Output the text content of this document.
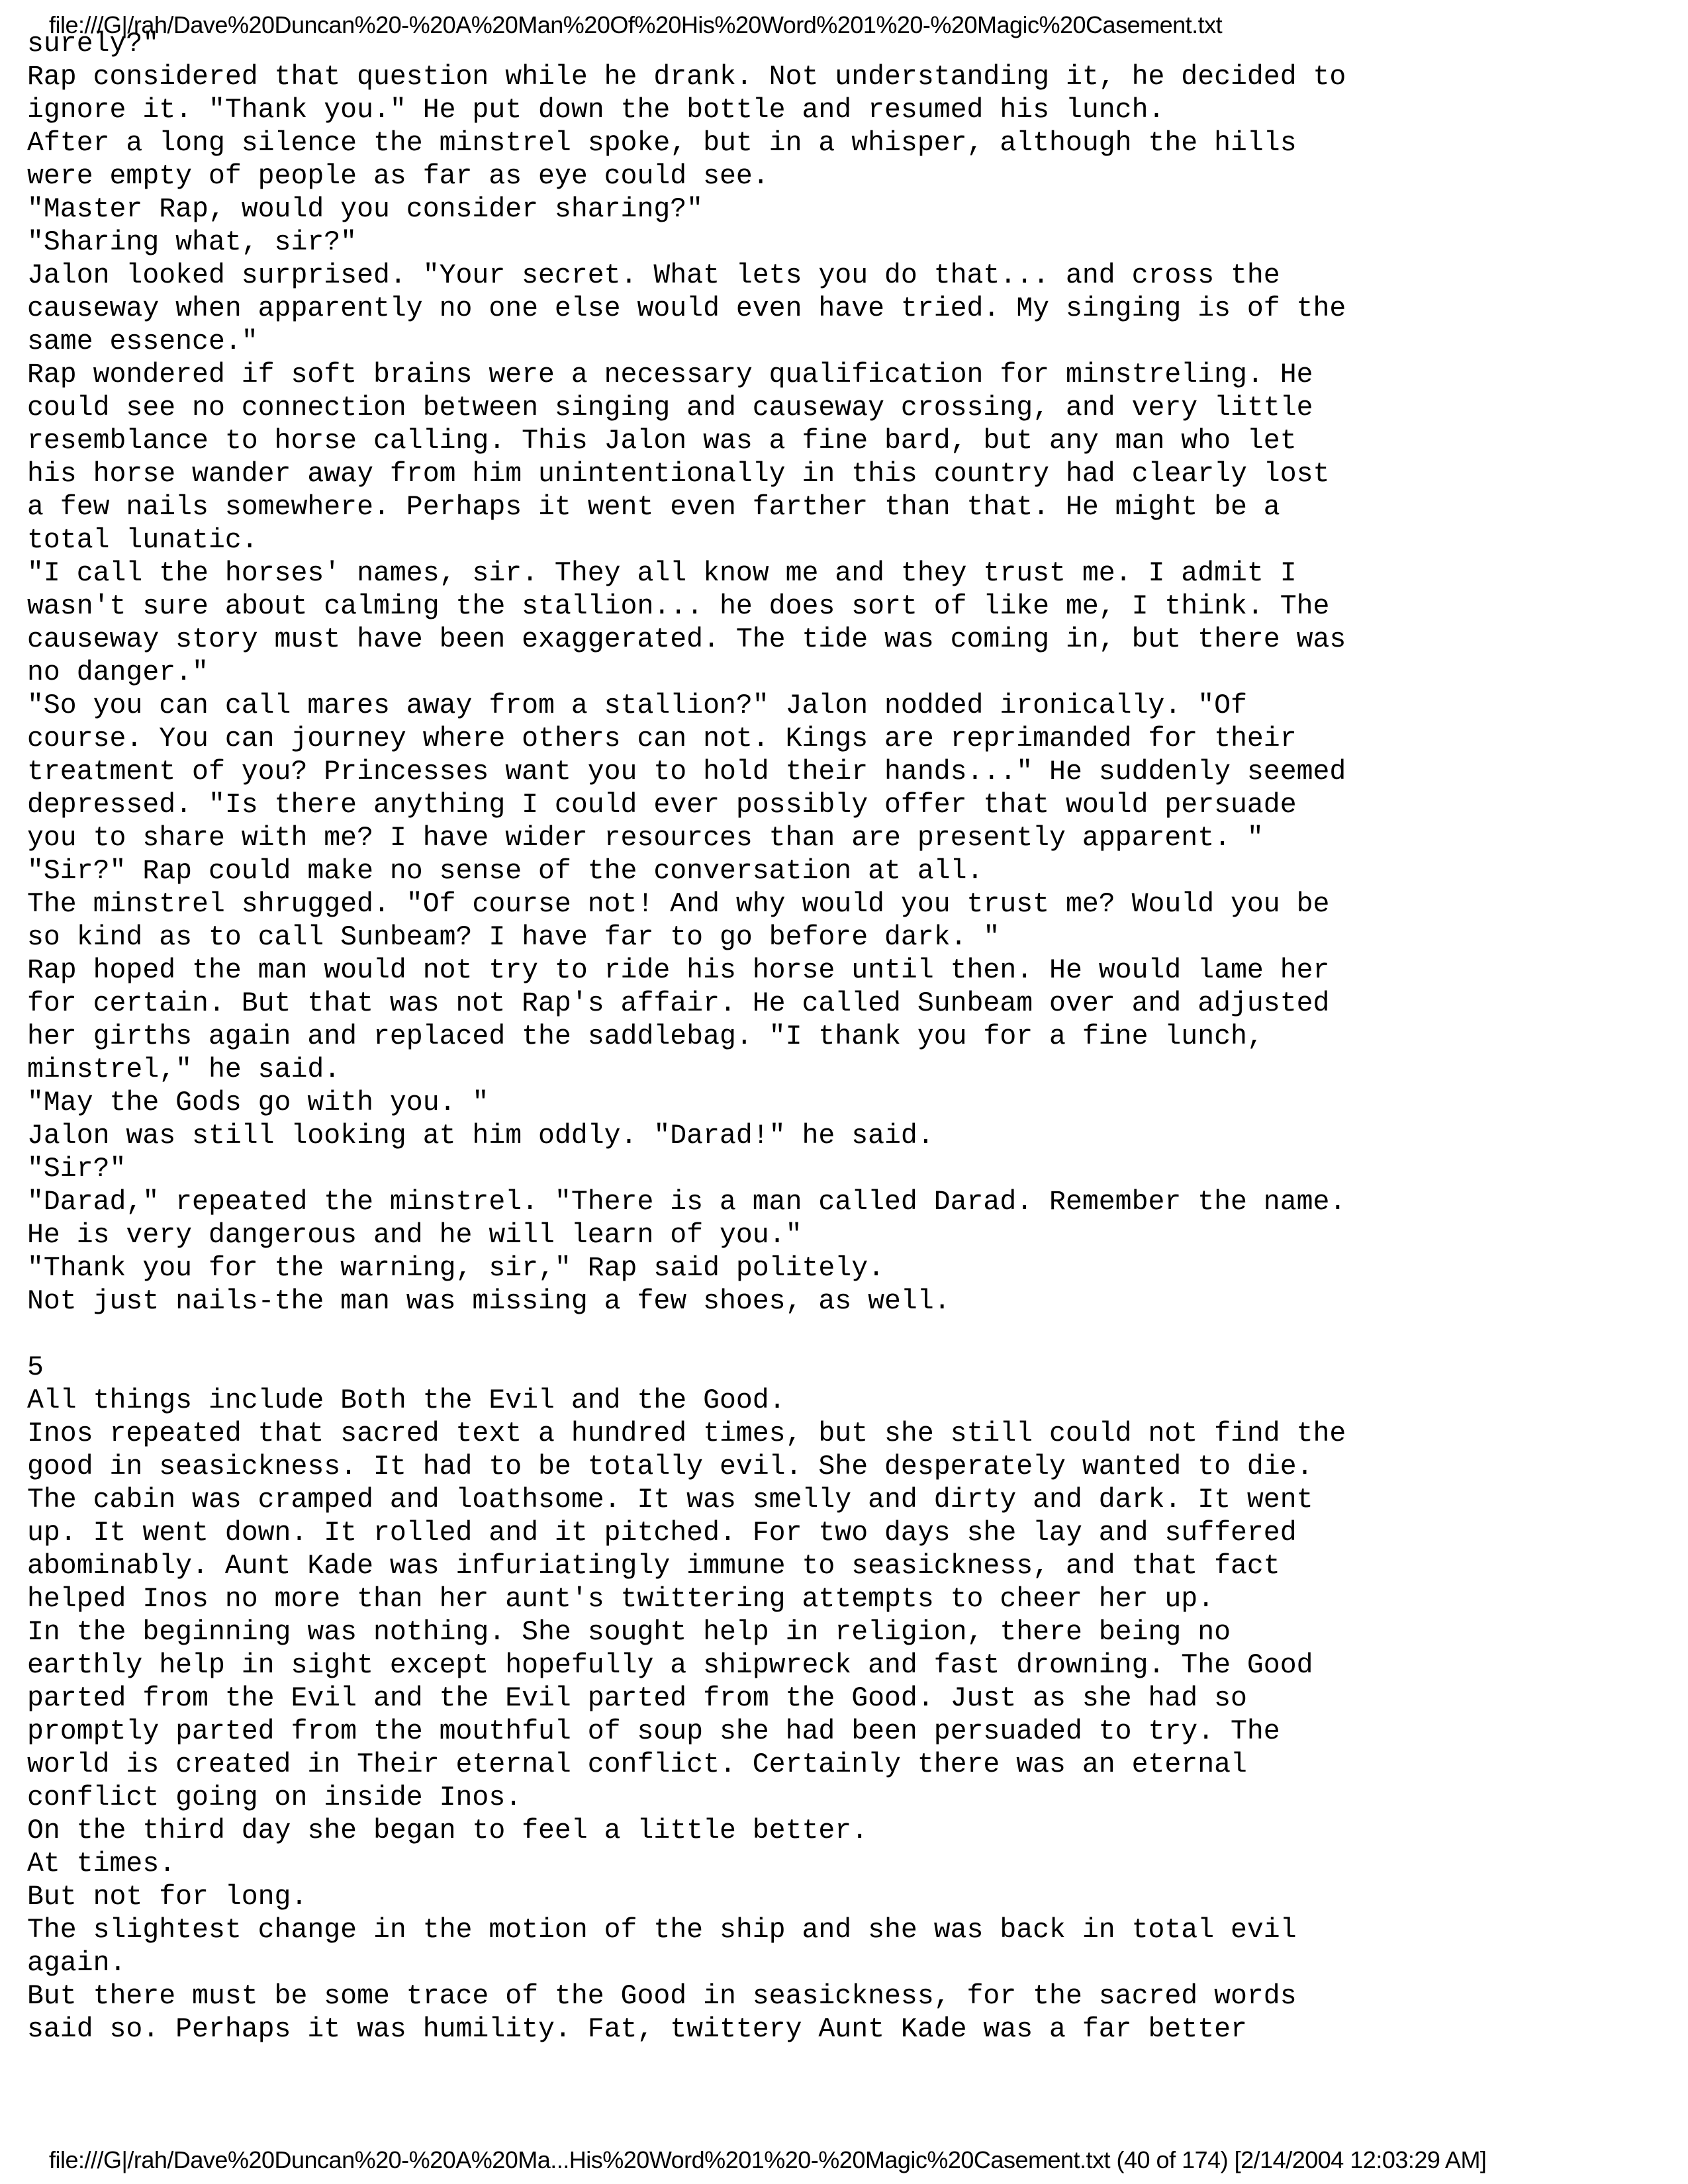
file:///G|/rah/Dave%20Duncan%20-%20A%20Man%20Of%20His%20Word%201%20-%20Magic%20Casement.txt
surely?"
Rap considered that question while he drank. Not understanding it, he decided to
ignore it. "Thank you." He put down the bottle and resumed his lunch.
After a long silence the minstrel spoke, but in a whisper, although the hills
were empty of people as far as eye could see.
"Master Rap, would you consider sharing?"
"Sharing what, sir?"
Jalon looked surprised. "Your secret. What lets you do that... and cross the
causeway when apparently no one else would even have tried. My singing is of the
same essence."
Rap wondered if soft brains were a necessary qualification for minstreling. He
could see no connection between singing and causeway crossing, and very little
resemblance to horse calling. This Jalon was a fine bard, but any man who let
his horse wander away from him unintentionally in this country had clearly lost
a few nails somewhere. Perhaps it went even farther than that. He might be a
total lunatic.
"I call the horses' names, sir. They all know me and they trust me. I admit I
wasn't sure about calming the stallion... he does sort of like me, I think. The
causeway story must have been exaggerated. The tide was coming in, but there was
no danger."
"So you can call mares away from a stallion?" Jalon nodded ironically. "Of
course. You can journey where others can not. Kings are reprimanded for their
treatment of you? Princesses want you to hold their hands..." He suddenly seemed
depressed. "Is there anything I could ever possibly offer that would persuade
you to share with me? I have wider resources than are presently apparent. "
"Sir?" Rap could make no sense of the conversation at all.
The minstrel shrugged. "Of course not! And why would you trust me? Would you be
so kind as to call Sunbeam? I have far to go before dark. "
Rap hoped the man would not try to ride his horse until then. He would lame her
for certain. But that was not Rap's affair. He called Sunbeam over and adjusted
her girths again and replaced the saddlebag. "I thank you for a fine lunch,
minstrel," he said.
"May the Gods go with you. "
Jalon was still looking at him oddly. "Darad!" he said.
"Sir?"
"Darad," repeated the minstrel. "There is a man called Darad. Remember the name.
He is very dangerous and he will learn of you."
"Thank you for the warning, sir," Rap said politely.
Not just nails-the man was missing a few shoes, as well.
5
All things include Both the Evil and the Good.
Inos repeated that sacred text a hundred times, but she still could not find the
good in seasickness. It had to be totally evil. She desperately wanted to die.
The cabin was cramped and loathsome. It was smelly and dirty and dark. It went
up. It went down. It rolled and it pitched. For two days she lay and suffered
abominably. Aunt Kade was infuriatingly immune to seasickness, and that fact
helped Inos no more than her aunt's twittering attempts to cheer her up.
In the beginning was nothing. She sought help in religion, there being no
earthly help in sight except hopefully a shipwreck and fast drowning. The Good
parted from the Evil and the Evil parted from the Good. Just as she had so
promptly parted from the mouthful of soup she had been persuaded to try. The
world is created in Their eternal conflict. Certainly there was an eternal
conflict going on inside Inos.
On the third day she began to feel a little better.
At times.
But not for long.
The slightest change in the motion of the ship and she was back in total evil
again.
But there must be some trace of the Good in seasickness, for the sacred words
said so. Perhaps it was humility. Fat, twittery Aunt Kade was a far better
file:///G|/rah/Dave%20Duncan%20-%20A%20Ma...His%20Word%201%20-%20Magic%20Casement.txt (40 of 174) [2/14/2004 12:03:29 AM]
